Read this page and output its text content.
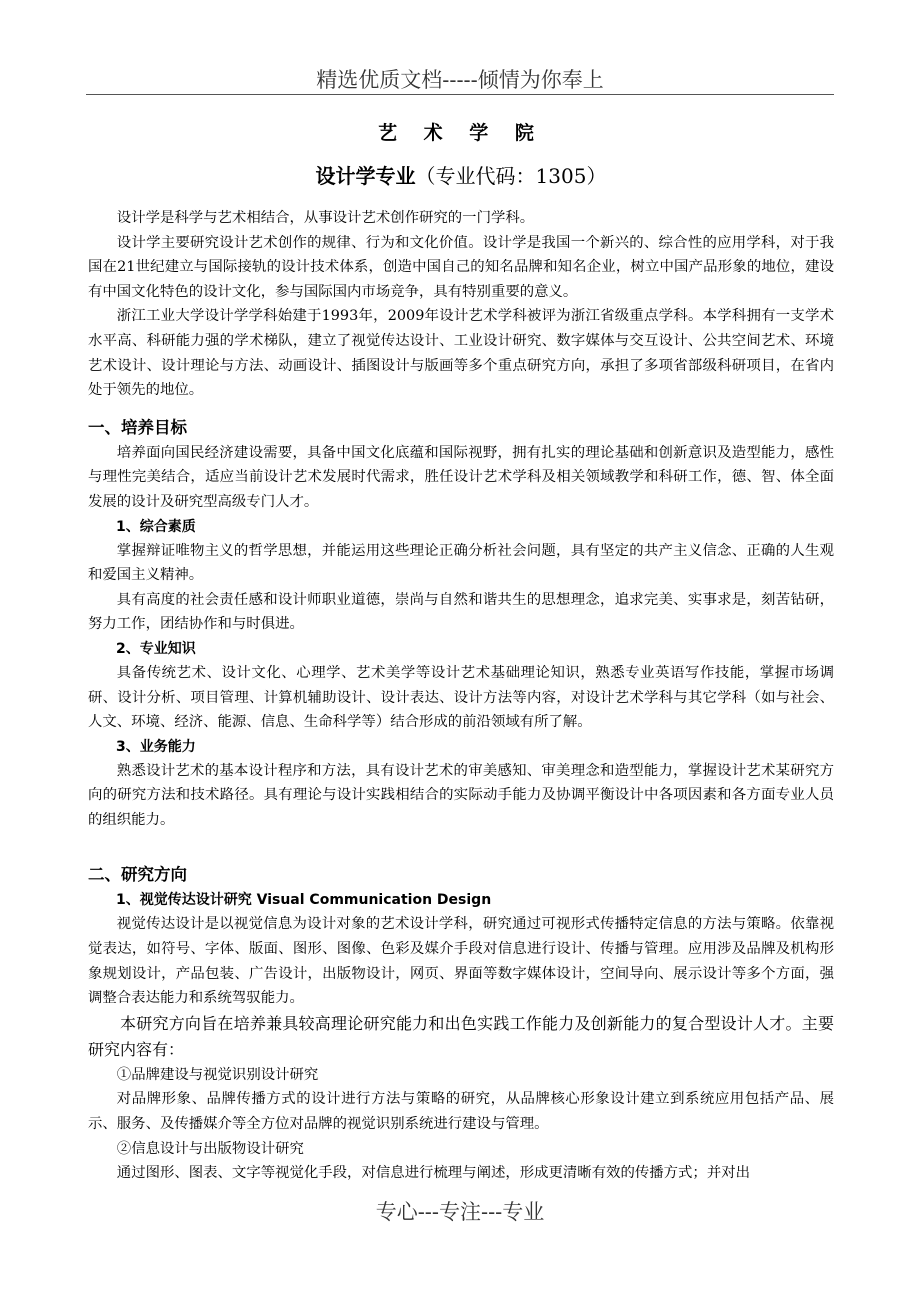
精选优质文档-----倾情为你奉上
艺 术 学 院
设计学专业（专业代码：1305）

设计学是科学与艺术相结合，从事设计艺术创作研究的一门学科。

设计学主要研究设计艺术创作的规律、行为和文化价值。设计学是我国一个新兴的、综合性的应用学科，对于我国在21世纪建立与国际接轨的设计技术体系，创造中国自己的知名品牌和知名企业，树立中国产品形象的地位，建设有中国文化特色的设计文化，参与国际国内市场竞争，具有特别重要的意义。

浙江工业大学设计学学科始建于1993年，2009年设计艺术学科被评为浙江省级重点学科。本学科拥有一支学术水平高、科研能力强的学术梯队，建立了视觉传达设计、工业设计研究、数字媒体与交互设计、公共空间艺术、环境艺术设计、设计理论与方法、动画设计、插图设计与版画等多个重点研究方向，承担了多项省部级科研项目，在省内处于领先的地位。

一、培养目标

培养面向国民经济建设需要，具备中国文化底蕴和国际视野，拥有扎实的理论基础和创新意识及造型能力，感性与理性完美结合，适应当前设计艺术发展时代需求，胜任设计艺术学科及相关领域教学和科研工作，德、智、体全面发展的设计及研究型高级专门人才。

1、综合素质

掌握辩证唯物主义的哲学思想，并能运用这些理论正确分析社会问题，具有坚定的共产主义信念、正确的人生观和爱国主义精神。

具有高度的社会责任感和设计师职业道德，崇尚与自然和谐共生的思想理念，追求完美、实事求是，刻苦钻研，努力工作，团结协作和与时俱进。

2、专业知识

具备传统艺术、设计文化、心理学、艺术美学等设计艺术基础理论知识，熟悉专业英语写作技能，掌握市场调研、设计分析、项目管理、计算机辅助设计、设计表达、设计方法等内容，对设计艺术学科与其它学科（如与社会、人文、环境、经济、能源、信息、生命科学等）结合形成的前沿领域有所了解。

3、业务能力

熟悉设计艺术的基本设计程序和方法，具有设计艺术的审美感知、审美理念和造型能力，掌握设计艺术某研究方向的研究方法和技术路径。具有理论与设计实践相结合的实际动手能力及协调平衡设计中各项因素和各方面专业人员的组织能力。

二、研究方向
1、视觉传达设计研究 Visual Communication Design

视觉传达设计是以视觉信息为设计对象的艺术设计学科，研究通过可视形式传播特定信息的方法与策略。依靠视觉表达，如符号、字体、版面、图形、图像、色彩及媒介手段对信息进行设计、传播与管理。应用涉及品牌及机构形象规划设计，产品包装、广告设计，出版物设计，网页、界面等数字媒体设计，空间导向、展示设计等多个方面，强调整合表达能力和系统驾驭能力。

本研究方向旨在培养兼具较高理论研究能力和出色实践工作能力及创新能力的复合型设计人才。主要研究内容有：

①品牌建设与视觉识别设计研究

对品牌形象、品牌传播方式的设计进行方法与策略的研究，从品牌核心形象设计建立到系统应用包括产品、展示、服务、及传播媒介等全方位对品牌的视觉识别系统进行建设与管理。

②信息设计与出版物设计研究

通过图形、图表、文字等视觉化手段，对信息进行梳理与阐述，形成更清晰有效的传播方式；并对出

专心---专注---专业
